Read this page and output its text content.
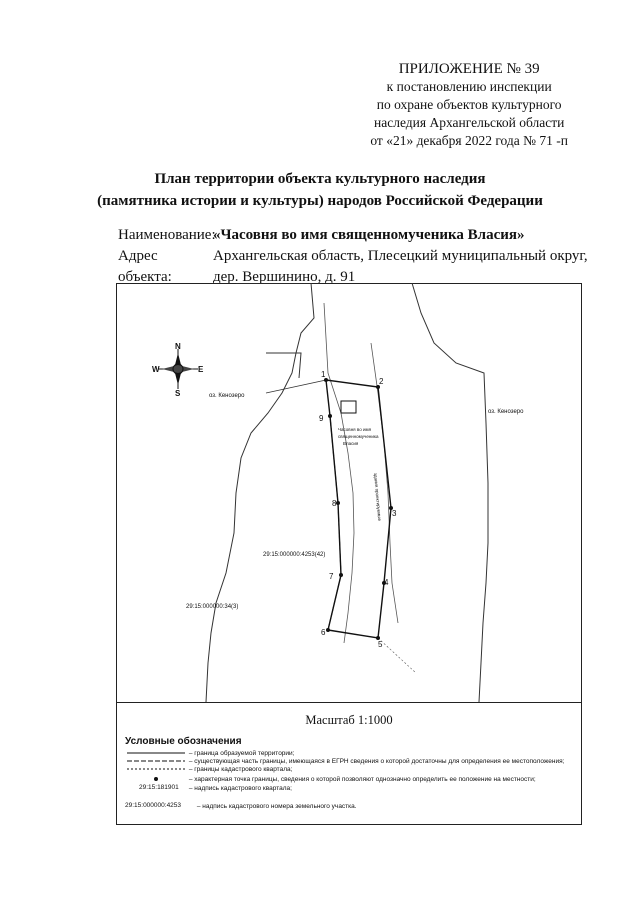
ПРИЛОЖЕНИЕ № 39
к постановлению инспекции
по охране объектов культурного
наследия Архангельской области
от «21» декабря 2022 года № 71 -п
План территории объекта культурного наследия
(памятника истории и культуры) народов Российской Федерации
Наименование:
«Часовня во имя священномученика Власия»
Адрес объекта:
Архангельская область, Плесецкий муниципальный округ,
дер. Вершинино, д. 91
1
2
3
4
5
6
7
8
9
N
S
W	E
оз. Кенозеро
оз. Кенозеро
Часовня во имя
священномученика
Власия
здания проектируемые
29:15:000000:4253(42)
29:15:000000:34(3)
Масштаб 1:1000
Условные обозначения
– граница образуемой территории;
– существующая часть границы, имеющаяся в ЕГРН сведения о которой достаточны для определения ее местоположения;
– границы кадастрового квартала;
– характерная точка границы, сведения о которой позволяют однозначно определить ее положение на местности;
29:15:181901 – надпись кадастрового квартала;
29:15:000000:4253 – надпись кадастрового номера земельного участка.
